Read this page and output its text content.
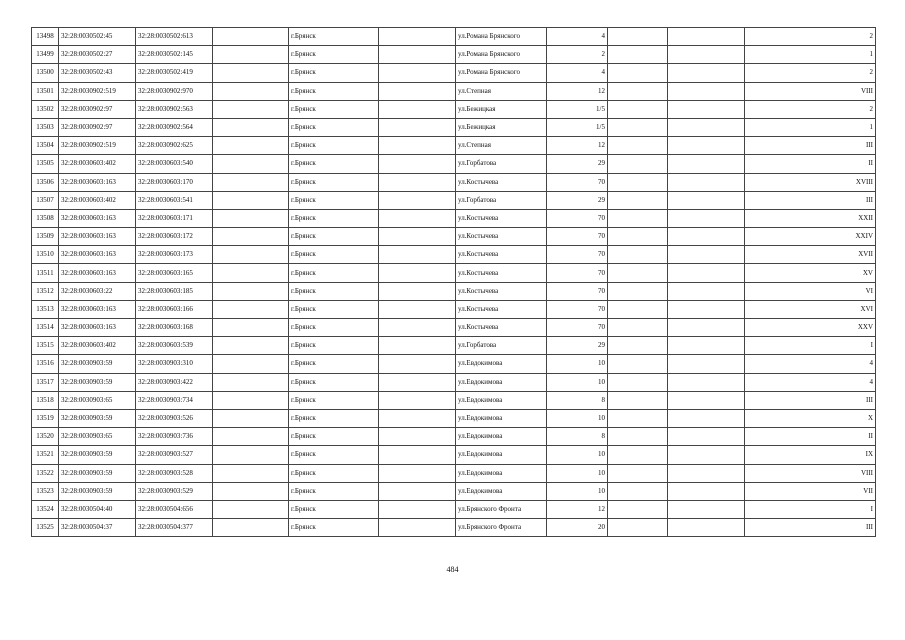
13498	32:28:0030502:45	32:28:0030502:613		г.Брянск		ул.Романа Брянского	4			2
13499	32:28:0030502:27	32:28:0030502:145		г.Брянск		ул.Романа Брянского	2			1
13500	32:28:0030502:43	32:28:0030502:419		г.Брянск		ул.Романа Брянского	4			2
13501	32:28:0030902:519	32:28:0030902:970		г.Брянск		ул.Степная	12			VIII
13502	32:28:0030902:97	32:28:0030902:563		г.Брянск		ул.Бежицкая	1/5			2
13503	32:28:0030902:97	32:28:0030902:564		г.Брянск		ул.Бежицкая	1/5			1
13504	32:28:0030902:519	32:28:0030902:625		г.Брянск		ул.Степная	12			III
13505	32:28:0030603:402	32:28:0030603:540		г.Брянск		ул.Горбатова	29			II
13506	32:28:0030603:163	32:28:0030603:170		г.Брянск		ул.Костычева	70			XVIII
13507	32:28:0030603:402	32:28:0030603:541		г.Брянск		ул.Горбатова	29			III
13508	32:28:0030603:163	32:28:0030603:171		г.Брянск		ул.Костычева	70			XXII
13509	32:28:0030603:163	32:28:0030603:172		г.Брянск		ул.Костычева	70			XXIV
13510	32:28:0030603:163	32:28:0030603:173		г.Брянск		ул.Костычева	70			XVII
13511	32:28:0030603:163	32:28:0030603:165		г.Брянск		ул.Костычева	70			XV
13512	32:28:0030603:22	32:28:0030603:185		г.Брянск		ул.Костычева	70			VI
13513	32:28:0030603:163	32:28:0030603:166		г.Брянск		ул.Костычева	70			XVI
13514	32:28:0030603:163	32:28:0030603:168		г.Брянск		ул.Костычева	70			XXV
13515	32:28:0030603:402	32:28:0030603:539		г.Брянск		ул.Горбатова	29			I
13516	32:28:0030903:59	32:28:0030903:310		г.Брянск		ул.Евдокимова	10			4
13517	32:28:0030903:59	32:28:0030903:422		г.Брянск		ул.Евдокимова	10			4
13518	32:28:0030903:65	32:28:0030903:734		г.Брянск		ул.Евдокимова	8			III
13519	32:28:0030903:59	32:28:0030903:526		г.Брянск		ул.Евдокимова	10			X
13520	32:28:0030903:65	32:28:0030903:736		г.Брянск		ул.Евдокимова	8			II
13521	32:28:0030903:59	32:28:0030903:527		г.Брянск		ул.Евдокимова	10			IX
13522	32:28:0030903:59	32:28:0030903:528		г.Брянск		ул.Евдокимова	10			VIII
13523	32:28:0030903:59	32:28:0030903:529		г.Брянск		ул.Евдокимова	10			VII
13524	32:28:0030504:40	32:28:0030504:656		г.Брянск		ул.Брянского Фронта	12			I
13525	32:28:0030504:37	32:28:0030504:377		г.Брянск		ул.Брянского Фронта	20			III
484
